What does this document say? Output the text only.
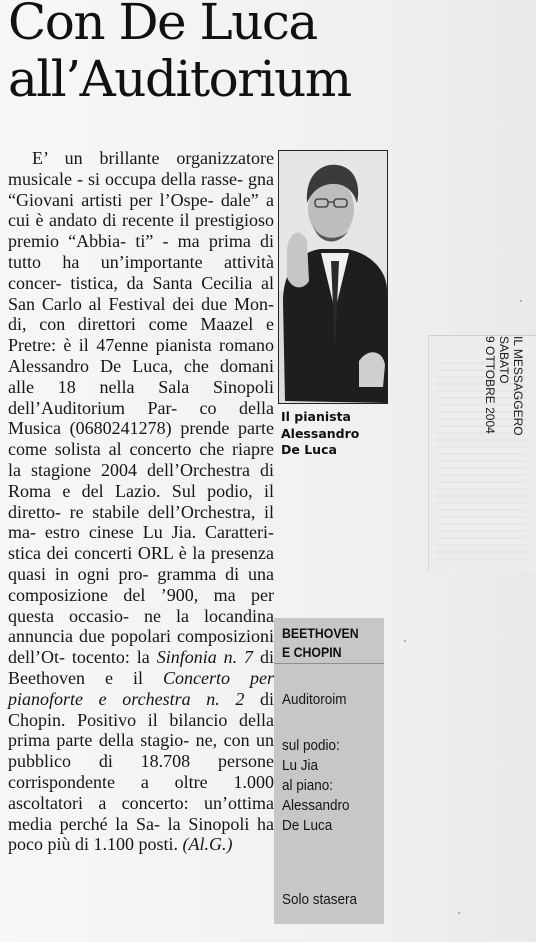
Con De Luca
all’Auditorium

E’ un brillante organizzatore musicale - si occupa della rasse- gna “Giovani artisti per l’Ospe- dale” a cui è andato di recente il prestigioso premio “Abbia- ti” - ma prima di tutto ha un’importante attività concer- tistica, da Santa Cecilia al San Carlo al Festival dei due Mon- di, con direttori come Maazel e Pretre: è il 47enne pianista romano Alessandro De Luca, che domani alle 18 nella Sala Sinopoli dell’Auditorium Par- co della Musica (0680241278) prende parte come solista al concerto che riapre la stagione 2004 dell’Orchestra di Roma e del Lazio. Sul podio, il diretto- re stabile dell’Orchestra, il ma- estro cinese Lu Jia. Caratteri- stica dei concerti ORL è la presenza quasi in ogni pro- gramma di una composizione del ’900, ma per questa occasio- ne la locandina annuncia due popolari composizioni dell’Ot- tocento: la Sinfonia n. 7 di Beethoven e il Concerto per pianoforte e orchestra n. 2 di Chopin. Positivo il bilancio della prima parte della stagio- ne, con un pubblico di 18.708 persone corrispondente a oltre 1.000 ascoltatori a concerto: un’ottima media perché la Sa- la Sinopoli ha poco più di 1.100 posti. (Al.G.)

Il pianista
Alessandro
De Luca

IL MESSAGGERO
SABATO
9 OTTOBRE 2004

BEETHOVEN
E CHOPIN

Auditoroim

sul podio:
Lu Jia
al piano:
Alessandro
De Luca

Solo stasera
